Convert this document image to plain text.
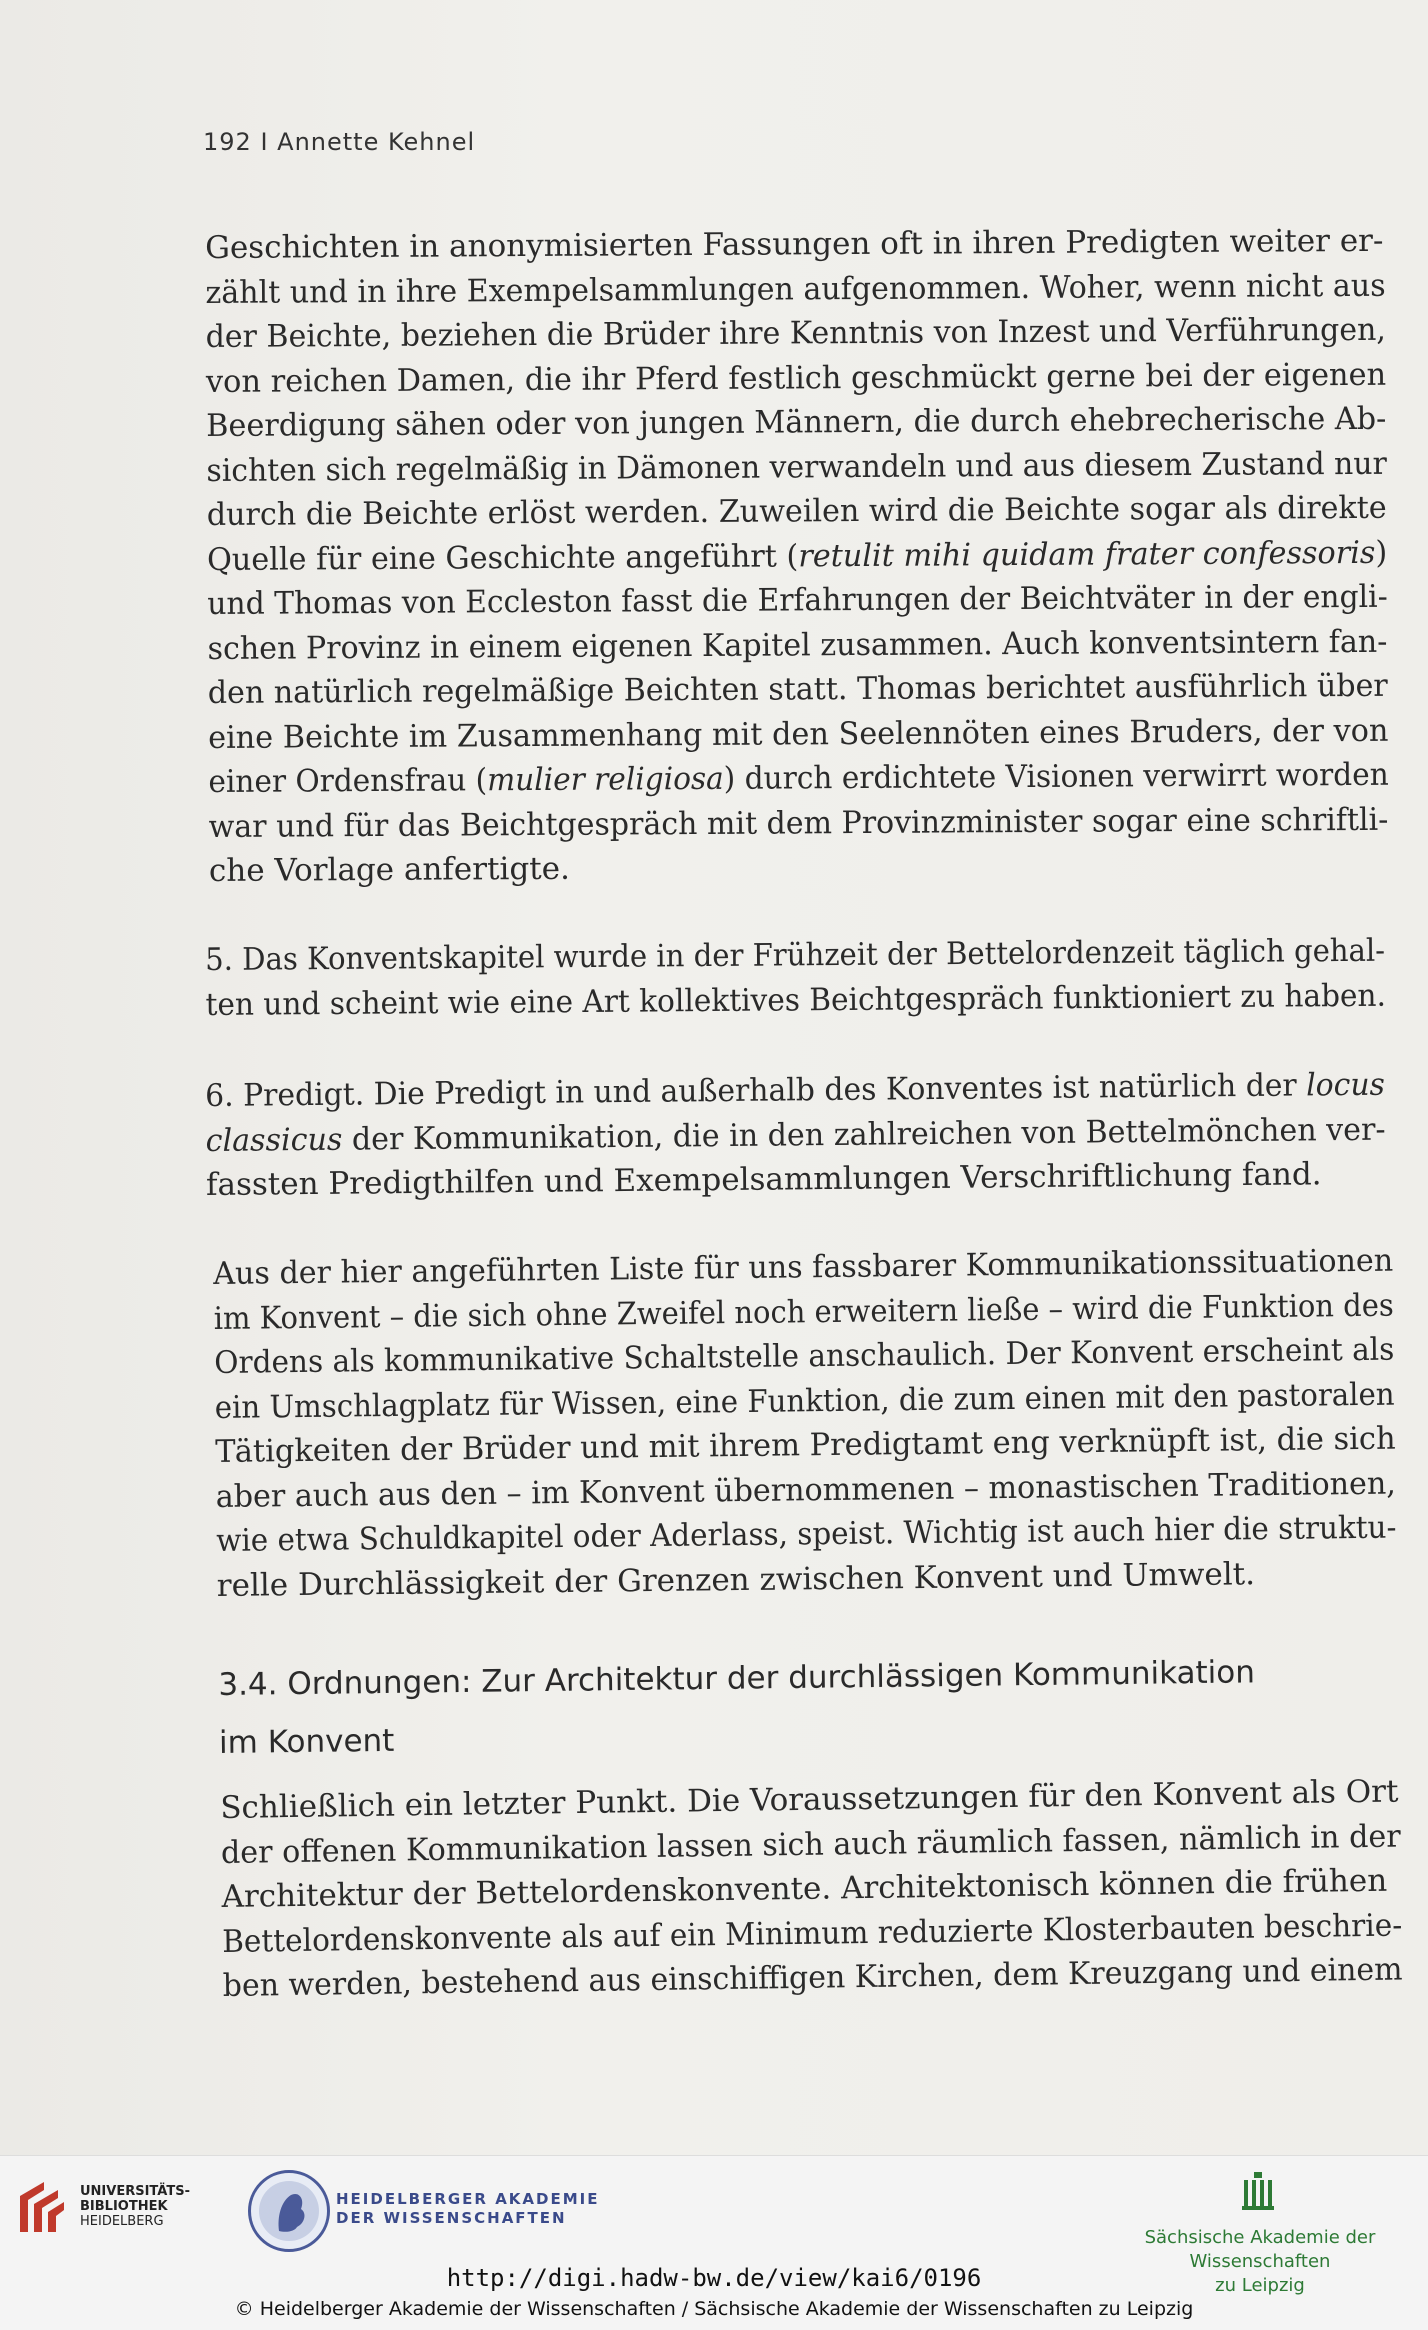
192 I Annette Kehnel
Geschichten in anonymisierten Fassungen oft in ihren Predigten weiter er-
zählt und in ihre Exempelsammlungen aufgenommen. Woher, wenn nicht aus
der Beichte, beziehen die Brüder ihre Kenntnis von Inzest und Verführungen,
von reichen Damen, die ihr Pferd festlich geschmückt gerne bei der eigenen
Beerdigung sähen oder von jungen Männern, die durch ehebrecherische Ab-
sichten sich regelmäßig in Dämonen verwandeln und aus diesem Zustand nur
durch die Beichte erlöst werden. Zuweilen wird die Beichte sogar als direkte
Quelle für eine Geschichte angeführt (retulit mihi quidam frater confessoris)
und Thomas von Eccleston fasst die Erfahrungen der Beichtväter in der engli-
schen Provinz in einem eigenen Kapitel zusammen. Auch konventsintern fan-
den natürlich regelmäßige Beichten statt. Thomas berichtet ausführlich über
eine Beichte im Zusammenhang mit den Seelennöten eines Bruders, der von
einer Ordensfrau (mulier religiosa) durch erdichtete Visionen verwirrt worden
war und für das Beichtgespräch mit dem Provinzminister sogar eine schriftli-
che Vorlage anfertigte.
5. Das Konventskapitel wurde in der Frühzeit der Bettelordenzeit täglich gehal-
ten und scheint wie eine Art kollektives Beichtgespräch funktioniert zu haben.
6. Predigt. Die Predigt in und außerhalb des Konventes ist natürlich der locus
classicus der Kommunikation, die in den zahlreichen von Bettelmönchen ver-
fassten Predigthilfen und Exempelsammlungen Verschriftlichung fand.
Aus der hier angeführten Liste für uns fassbarer Kommunikationssituationen
im Konvent – die sich ohne Zweifel noch erweitern ließe – wird die Funktion des
Ordens als kommunikative Schaltstelle anschaulich. Der Konvent erscheint als
ein Umschlagplatz für Wissen, eine Funktion, die zum einen mit den pastoralen
Tätigkeiten der Brüder und mit ihrem Predigtamt eng verknüpft ist, die sich
aber auch aus den – im Konvent übernommenen – monastischen Traditionen,
wie etwa Schuldkapitel oder Aderlass, speist. Wichtig ist auch hier die struktu-
relle Durchlässigkeit der Grenzen zwischen Konvent und Umwelt.
3.4. Ordnungen: Zur Architektur der durchlässigen Kommunikation
im Konvent
Schließlich ein letzter Punkt. Die Voraussetzungen für den Konvent als Ort
der offenen Kommunikation lassen sich auch räumlich fassen, nämlich in der
Architektur der Bettelordenskonvente. Architektonisch können die frühen
Bettelordenskonvente als auf ein Minimum reduzierte Klosterbauten beschrie-
ben werden, bestehend aus einschiffigen Kirchen, dem Kreuzgang und einem
UNIVERSITÄTS-
BIBLIOTHEK
HEIDELBERG
HEIDELBERGER AKADEMIE
DER WISSENSCHAFTEN
Sächsische Akademie der Wissenschaften
zu Leipzig
http://digi.hadw-bw.de/view/kai6/0196
© Heidelberger Akademie der Wissenschaften / Sächsische Akademie der Wissenschaften zu Leipzig
